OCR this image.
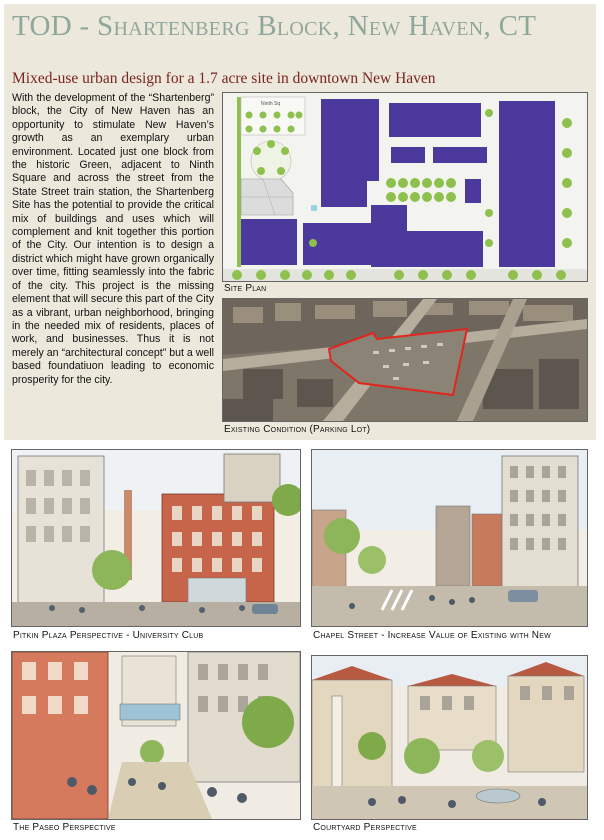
TOD - Shartenberg Block, New Haven, CT
Mixed-use urban design for a 1.7 acre site in downtown New Haven
With the development of the “Shartenberg” block, the City of New Haven has an opportunity to stimulate New Haven’s growth as an exemplary urban environment. Located just one block from the historic Green, adjacent to Ninth Square and across the street from the State Street train station, the Shartenberg Site has the potential to provide the critical mix of buildings and uses which will complement and knit together this portion of the City. Our intention is to design a district which might have grown organically over time, fitting seamlessly into the fabric of the city. This project is the missing element that will secure this part of the City as a vibrant, urban neighborhood, bringing in the needed mix of residents, places of work, and businesses. Thus it is not merely an “architectural concept” but a well based foundatiuon leading to economic prosperity for the city.
Ninth Sq
Site Plan
Existing Condition (Parking Lot)
Pitkin Plaza Perspective - University Club	Chapel Street - Increase Value of Existing with New
The Paseo Perspective	Courtyard Perspective
